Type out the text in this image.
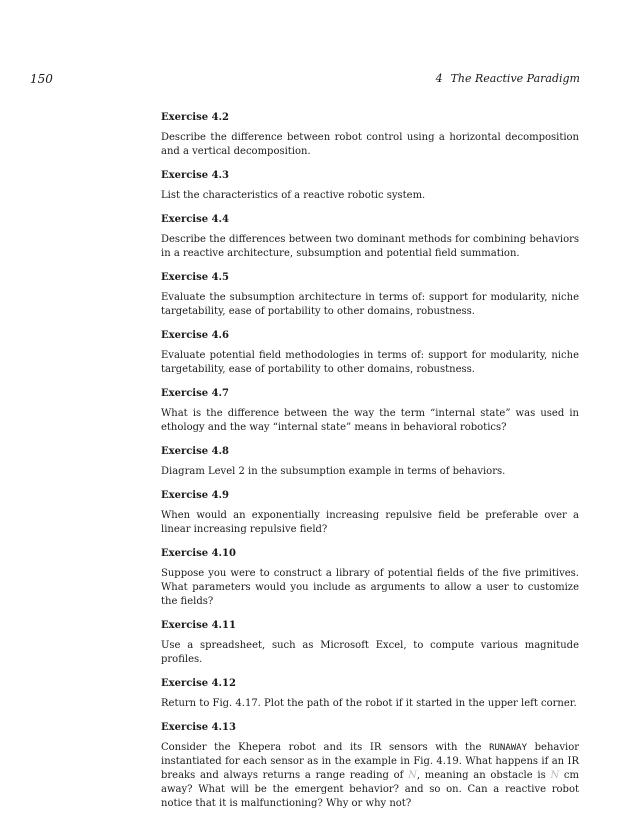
150	4 The Reactive Paradigm
Exercise 4.2
Describe the difference between robot control using a horizontal decomposition and a vertical decomposition.
Exercise 4.3
List the characteristics of a reactive robotic system.
Exercise 4.4
Describe the differences between two dominant methods for combining behaviors in a reactive architecture, subsumption and potential field summation.
Exercise 4.5
Evaluate the subsumption architecture in terms of: support for modularity, niche targetability, ease of portability to other domains, robustness.
Exercise 4.6
Evaluate potential field methodologies in terms of: support for modularity, niche targetability, ease of portability to other domains, robustness.
Exercise 4.7
What is the difference between the way the term “internal state” was used in ethology and the way “internal state” means in behavioral robotics?
Exercise 4.8
Diagram Level 2 in the subsumption example in terms of behaviors.
Exercise 4.9
When would an exponentially increasing repulsive field be preferable over a linear increasing repulsive field?
Exercise 4.10
Suppose you were to construct a library of potential fields of the five primitives. What parameters would you include as arguments to allow a user to customize the fields?
Exercise 4.11
Use a spreadsheet, such as Microsoft Excel, to compute various magnitude profiles.
Exercise 4.12
Return to Fig. 4.17. Plot the path of the robot if it started in the upper left corner.
Exercise 4.13
Consider the Khepera robot and its IR sensors with the RUNAWAY behavior instantiated for each sensor as in the example in Fig. 4.19. What happens if an IR breaks and always returns a range reading of N, meaning an obstacle is N cm away? What will be the emergent behavior? and so on. Can a reactive robot notice that it is malfunctioning? Why or why not?
